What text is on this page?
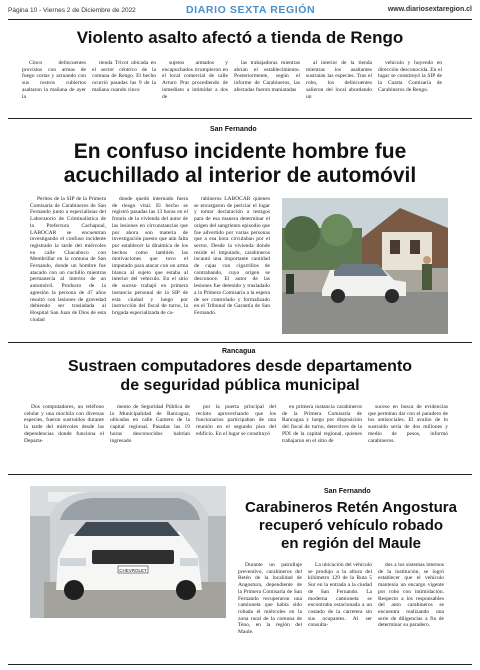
Página 10 - Viernes 2 de Diciembre de 2022	DIARIO SEXTA REGIÓN	www.diariosextaregion.cl
Violento asalto afectó a tienda de Rengo

Cinco delincuentes provistos con armas de fuego cortas y actuando con sus rostros cubiertos asaltaron la mañana de ayer la

tienda Tricot ubicada en el sector céntrico de la comuna de Rengo. El hecho ocurrió pasadas las 9 de la mañana cuando cinco

sujetos armados y encapuchados irrumpieron en el local comercial de calle Arturo Prat procediendo de inmediato a intimidar a dos de

las trabajadoras mientras abrían el establecimiento. Posteriormente, según el informe de Carabineros, las afectadas fueron maniatadas

al interior de la tienda mientras los asaltantes sustraían las especies. Tras el robo, los delincuentes salieron del local abordando un

vehículo y huyendo en dirección desconocida. En el lugar se constituyó la SIP de la Cuarta Comisaría de Carabineros de Rengo.

San Fernando
En confuso incidente hombre fue
acuchillado al interior de automóvil

Peritos de la SIP de la Primera Comisaría de Carabineros de San Fernando junto a especialistas del Laboratorio de Criminalística de la Prefectura Cachapoal, LABOCAR se encuentran investigando el confuso incidente registrado la tarde del miércoles en calle Chacabuco con Membrillar en la comuna de San Fernando, donde un hombre fue atacado con un cuchillo mientras permanecía al interior de un automóvil. Producto de la agresión la persona de 47 años resultó con lesiones de gravedad debiendo ser trasladada al Hospital San Juan de Dios de esta ciudad

donde quedó internado fuera de riesgo vital. El hecho se registró pasadas las 13 horas en el frontis de la vivienda del autor de las lesiones en circunstancias que por ahora son materia de investigación puesto que aún falta por establecer la dinámica de los hechos como también las motivaciones que tuvo el imputado para atacar con un arma blanca al sujeto que estaba al interior del vehículo. En el sitio de suceso trabajó en primera instancia personal de la SIP de esta ciudad y luego por instrucción del fiscal de turno, la brigada especializada de ca-

rabineros LABOCAR quienes se encargaron de periciar el lugar y tomar declaración a testigos para de esa manera determinar el origen del sangriento episodio que fue advertido por varias personas que a esa hora circulaban por el sector. Desde la vivienda donde reside el imputado, carabineros incautó una importante cantidad de cajas con cigarrillos de contrabando, cuyo origen se desconoce. El autor de las lesiones fue detenido y trasladado a la Primera Comisaría a la espera de ser controlado y formalizado en el Tribunal de Garantía de San Fernando.

Rancagua
Sustraen computadores desde departamento
de seguridad pública municipal

Dos computadores, un teléfono celular y una mochila con diversas especies, fueron sustraídos durante la tarde del miércoles desde las dependencias donde funciona el Departa-

mento de Seguridad Pública de la Municipalidad de Rancagua, ubicadas en calle Gamero de la capital regional. Pasadas las 19 horas desconocidos habrían ingresado

por la puerta principal del recinto aprovechando que los funcionarios participaban de una reunión en el segundo piso del edificio. En el lugar se constituyó

en primera instancia carabineros de la Primera Comisaría de Rancagua y luego por disposición del fiscal de turno, detectives de la PDI de la capital regional, quienes trabajaron en el sitio de

suceso en busca de evidencias que permitan dar con el paradero de los antisociales. El avalúo de lo sustraído sería de dos millones y medio de pesos, informó carabineros.

CHEVROLET
San Fernando
Carabineros Retén Angostura
recuperó vehículo robado
en región del Maule

Durante un patrullaje preventivo, carabineros del Retén de la localidad de Angostura, dependiente de la Primera Comisaría de San Fernando recuperaron una camioneta que había sido robada el miércoles en la zona rural de la comuna de Teno, en la región del Maule.

La ubicación del vehículo se produjo a la altura del kilómetro 129 de la Ruta 5 Sur en la entrada a la ciudad de San Fernando. La moderna camioneta se encontraba estacionada a un costado de la carretera sin sus ocupantes. Al ser consulta-

dos a los sistemas internos de la institución, se logró establecer que el vehículo mantenía un encargo vigente por robo con intimidación. Respecto a los responsables del auto carabineros se encuentra realizando una serie de diligencias a fin de determinar su paradero.
